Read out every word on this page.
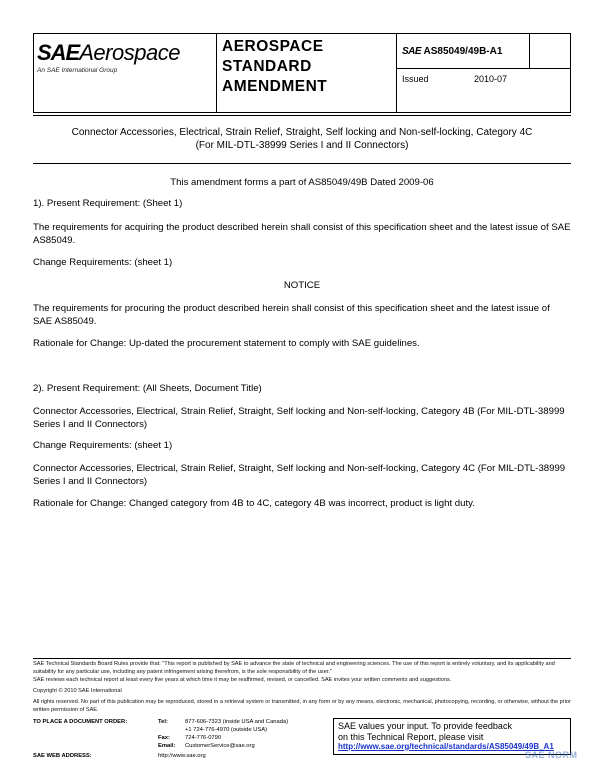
SAEAerospace
An SAE International Group
AEROSPACE
STANDARD
AMENDMENT
SAE AS85049/49B-A1
Issued	2010-07
Connector Accessories, Electrical, Strain Relief, Straight, Self locking and Non-self-locking, Category 4C
(For MIL-DTL-38999 Series I and II Connectors)
This amendment forms a part of AS85049/49B Dated 2009-06
1). Present Requirement: (Sheet 1)
The requirements for acquiring the product described herein shall consist of this specification sheet and the latest issue of SAE AS85049.
Change Requirements: (sheet 1)
NOTICE
The requirements for procuring the product described herein shall consist of this specification sheet and the latest issue of SAE AS85049.
Rationale for Change: Up-dated the procurement statement to comply with SAE guidelines.
2). Present Requirement: (All Sheets, Document Title)
Connector Accessories, Electrical, Strain Relief, Straight, Self locking and Non-self-locking, Category 4B (For MIL-DTL-38999 Series I and II Connectors)
Change Requirements: (sheet 1)
Connector Accessories, Electrical, Strain Relief, Straight, Self locking and Non-self-locking, Category 4C (For MIL-DTL-38999 Series I and II Connectors)
Rationale for Change: Changed category from 4B to 4C, category 4B was incorrect, product is light duty.
SAE Technical Standards Board Rules provide that: "This report is published by SAE to advance the state of technical and engineering sciences. The use of this report is entirely voluntary, and its applicability and suitability for any particular use, including any patent infringement arising therefrom, is the sole responsibility of the user."
SAE reviews each technical report at least every five years at which time it may be reaffirmed, revised, or cancelled. SAE invites your written comments and suggestions.
Copyright © 2010 SAE International
All rights reserved. No part of this publication may be reproduced, stored in a retrieval system or transmitted, in any form or by any means, electronic, mechanical, photocopying, recording, or otherwise, without the prior written permission of SAE.
TO PLACE A DOCUMENT ORDER:	Tel:	877-606-7323 (inside USA and Canada)
+1 724-776-4970 (outside USA)
Fax:	724-776-0790
Email: CustomerService@sae.org
SAE WEB ADDRESS:	http://www.sae.org
SAE values your input. To provide feedback
on this Technical Report, please visit
http://www.sae.org/technical/standards/AS85049/49B_A1
SAE NORM
